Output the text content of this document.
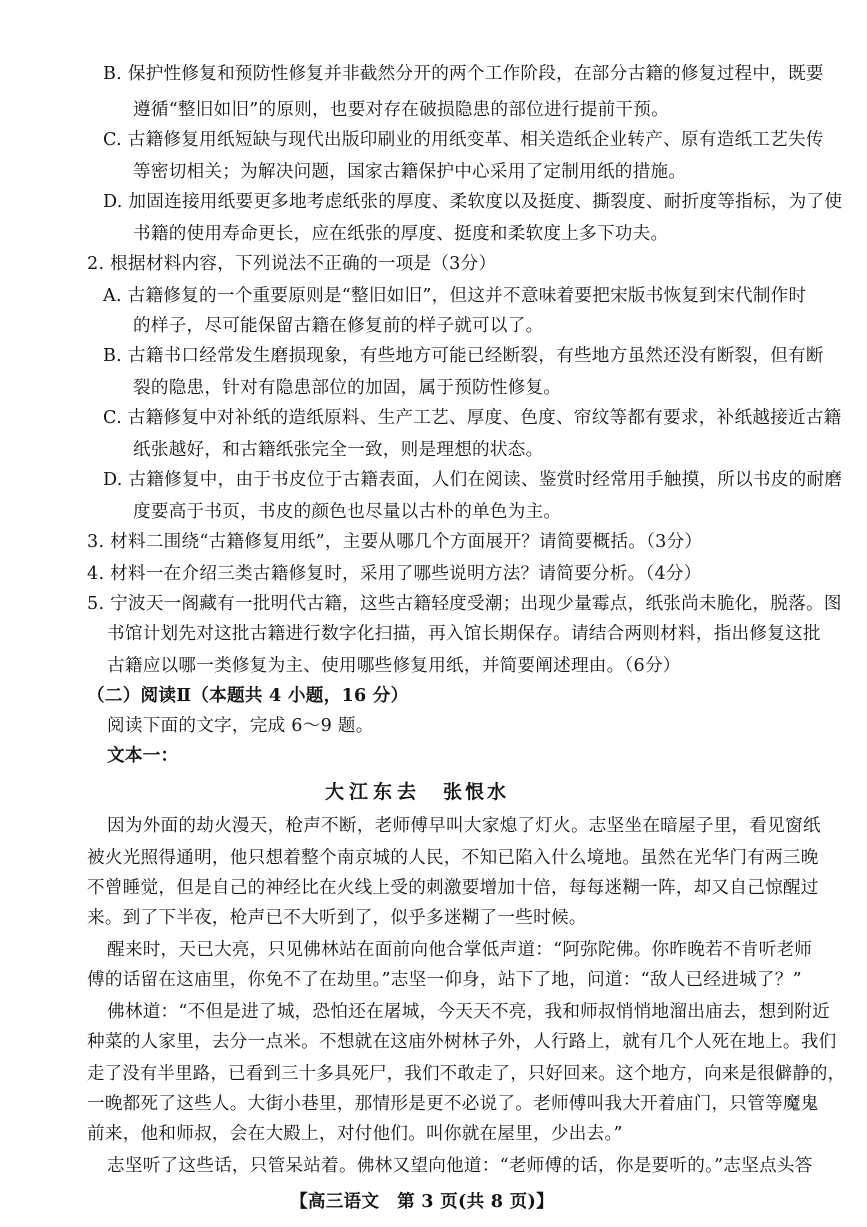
B. 保护性修复和预防性修复并非截然分开的两个工作阶段，在部分古籍的修复过程中，既要
遵循“整旧如旧”的原则，也要对存在破损隐患的部位进行提前干预。
C. 古籍修复用纸短缺与现代出版印刷业的用纸变革、相关造纸企业转产、原有造纸工艺失传
等密切相关；为解决问题，国家古籍保护中心采用了定制用纸的措施。
D. 加固连接用纸要更多地考虑纸张的厚度、柔软度以及挺度、撕裂度、耐折度等指标，为了使
书籍的使用寿命更长，应在纸张的厚度、挺度和柔软度上多下功夫。
2. 根据材料内容，下列说法不正确的一项是（3分）
A. 古籍修复的一个重要原则是“整旧如旧”，但这并不意味着要把宋版书恢复到宋代制作时
的样子，尽可能保留古籍在修复前的样子就可以了。
B. 古籍书口经常发生磨损现象，有些地方可能已经断裂，有些地方虽然还没有断裂，但有断
裂的隐患，针对有隐患部位的加固，属于预防性修复。
C. 古籍修复中对补纸的造纸原料、生产工艺、厚度、色度、帘纹等都有要求，补纸越接近古籍
纸张越好，和古籍纸张完全一致，则是理想的状态。
D. 古籍修复中，由于书皮位于古籍表面，人们在阅读、鉴赏时经常用手触摸，所以书皮的耐磨
度要高于书页，书皮的颜色也尽量以古朴的单色为主。
3. 材料二围绕“古籍修复用纸”，主要从哪几个方面展开？请简要概括。（3分）
4. 材料一在介绍三类古籍修复时，采用了哪些说明方法？请简要分析。（4分）
5. 宁波天一阁藏有一批明代古籍，这些古籍轻度受潮；出现少量霉点，纸张尚未脆化，脱落。图
书馆计划先对这批古籍进行数字化扫描，再入馆长期保存。请结合两则材料，指出修复这批
古籍应以哪一类修复为主、使用哪些修复用纸，并简要阐述理由。（6分）
（二）阅读Ⅱ（本题共 4 小题，16 分）
阅读下面的文字，完成 6～9 题。
文本一：
大江东去 张恨水
因为外面的劫火漫天，枪声不断，老师傅早叫大家熄了灯火。志坚坐在暗屋子里，看见窗纸
被火光照得通明，他只想着整个南京城的人民，不知已陷入什么境地。虽然在光华门有两三晚
不曾睡觉，但是自己的神经比在火线上受的刺激要增加十倍，每每迷糊一阵，却又自己惊醒过
来。到了下半夜，枪声已不大听到了，似乎多迷糊了一些时候。
醒来时，天已大亮，只见佛林站在面前向他合掌低声道：“阿弥陀佛。你昨晚若不肯听老师
傅的话留在这庙里，你免不了在劫里。”志坚一仰身，站下了地，问道：“敌人已经进城了？”
佛林道：“不但是进了城，恐怕还在屠城，今天天不亮，我和师叔悄悄地溜出庙去，想到附近
种菜的人家里，去分一点米。不想就在这庙外树林子外，人行路上，就有几个人死在地上。我们
走了没有半里路，已看到三十多具死尸，我们不敢走了，只好回来。这个地方，向来是很僻静的，
一晚都死了这些人。大街小巷里，那情形是更不必说了。老师傅叫我大开着庙门，只管等魔鬼
前来，他和师叔，会在大殿上，对付他们。叫你就在屋里，少出去。”
志坚听了这些话，只管呆站着。佛林又望向他道：“老师傅的话，你是要听的。”志坚点头答
【高三语文　第 3 页(共 8 页)】
